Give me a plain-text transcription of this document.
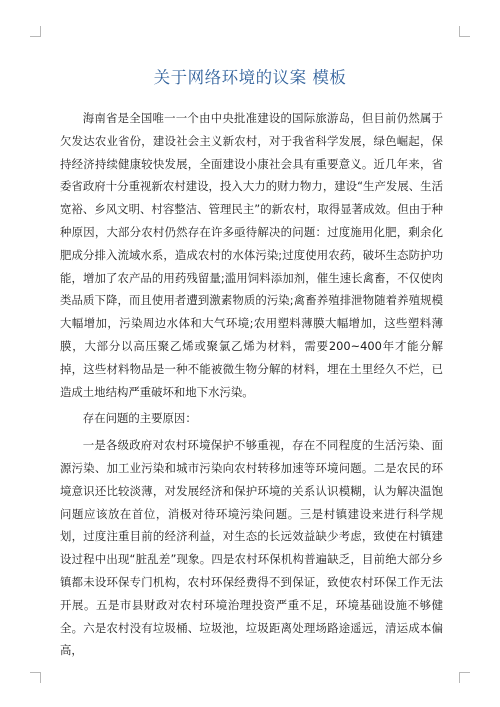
关于网络环境的议案 模板

海南省是全国唯一一个由中央批准建设的国际旅游岛，但目前仍然属于欠发达农业省份，建设社会主义新农村，对于我省科学发展，绿色崛起，保持经济持续健康较快发展，全面建设小康社会具有重要意义。近几年来，省委省政府十分重视新农村建设，投入大力的财力物力，建设“生产发展、生活宽裕、乡风文明、村容整洁、管理民主”的新农村，取得显著成效。但由于种种原因，大部分农村仍然存在许多亟待解决的问题：过度施用化肥，剩余化肥成分排入流域水系，造成农村的水体污染;过度使用农药，破坏生态防护功能，增加了农产品的用药残留量;滥用饲料添加剂，催生速长禽畜，不仅使肉类品质下降，而且使用者遭到激素物质的污染;禽畜养殖排泄物随着养殖规模大幅增加，污染周边水体和大气环境;农用塑料薄膜大幅增加，这些塑料薄膜，大部分以高压聚乙烯或聚氯乙烯为材料，需要200~400年才能分解掉，这些材料物品是一种不能被微生物分解的材料，埋在土里经久不烂，已造成土地结构严重破坏和地下水污染。

存在问题的主要原因：

一是各级政府对农村环境保护不够重视，存在不同程度的生活污染、面源污染、加工业污染和城市污染向农村转移加速等环境问题。二是农民的环境意识还比较淡薄，对发展经济和保护环境的关系认识模糊，认为解决温饱问题应该放在首位，消极对待环境污染问题。三是村镇建设来进行科学规划，过度注重目前的经济利益，对生态的长远效益缺少考虑，致使在村镇建设过程中出现“脏乱差”现象。四是农村环保机构普遍缺乏，目前绝大部分乡镇都未设环保专门机构，农村环保经费得不到保证，致使农村环保工作无法开展。五是市县财政对农村环境治理投资严重不足，环境基础设施不够健全。六是农村没有垃圾桶、垃圾池，垃圾距离处理场路途遥远，清运成本偏高，
